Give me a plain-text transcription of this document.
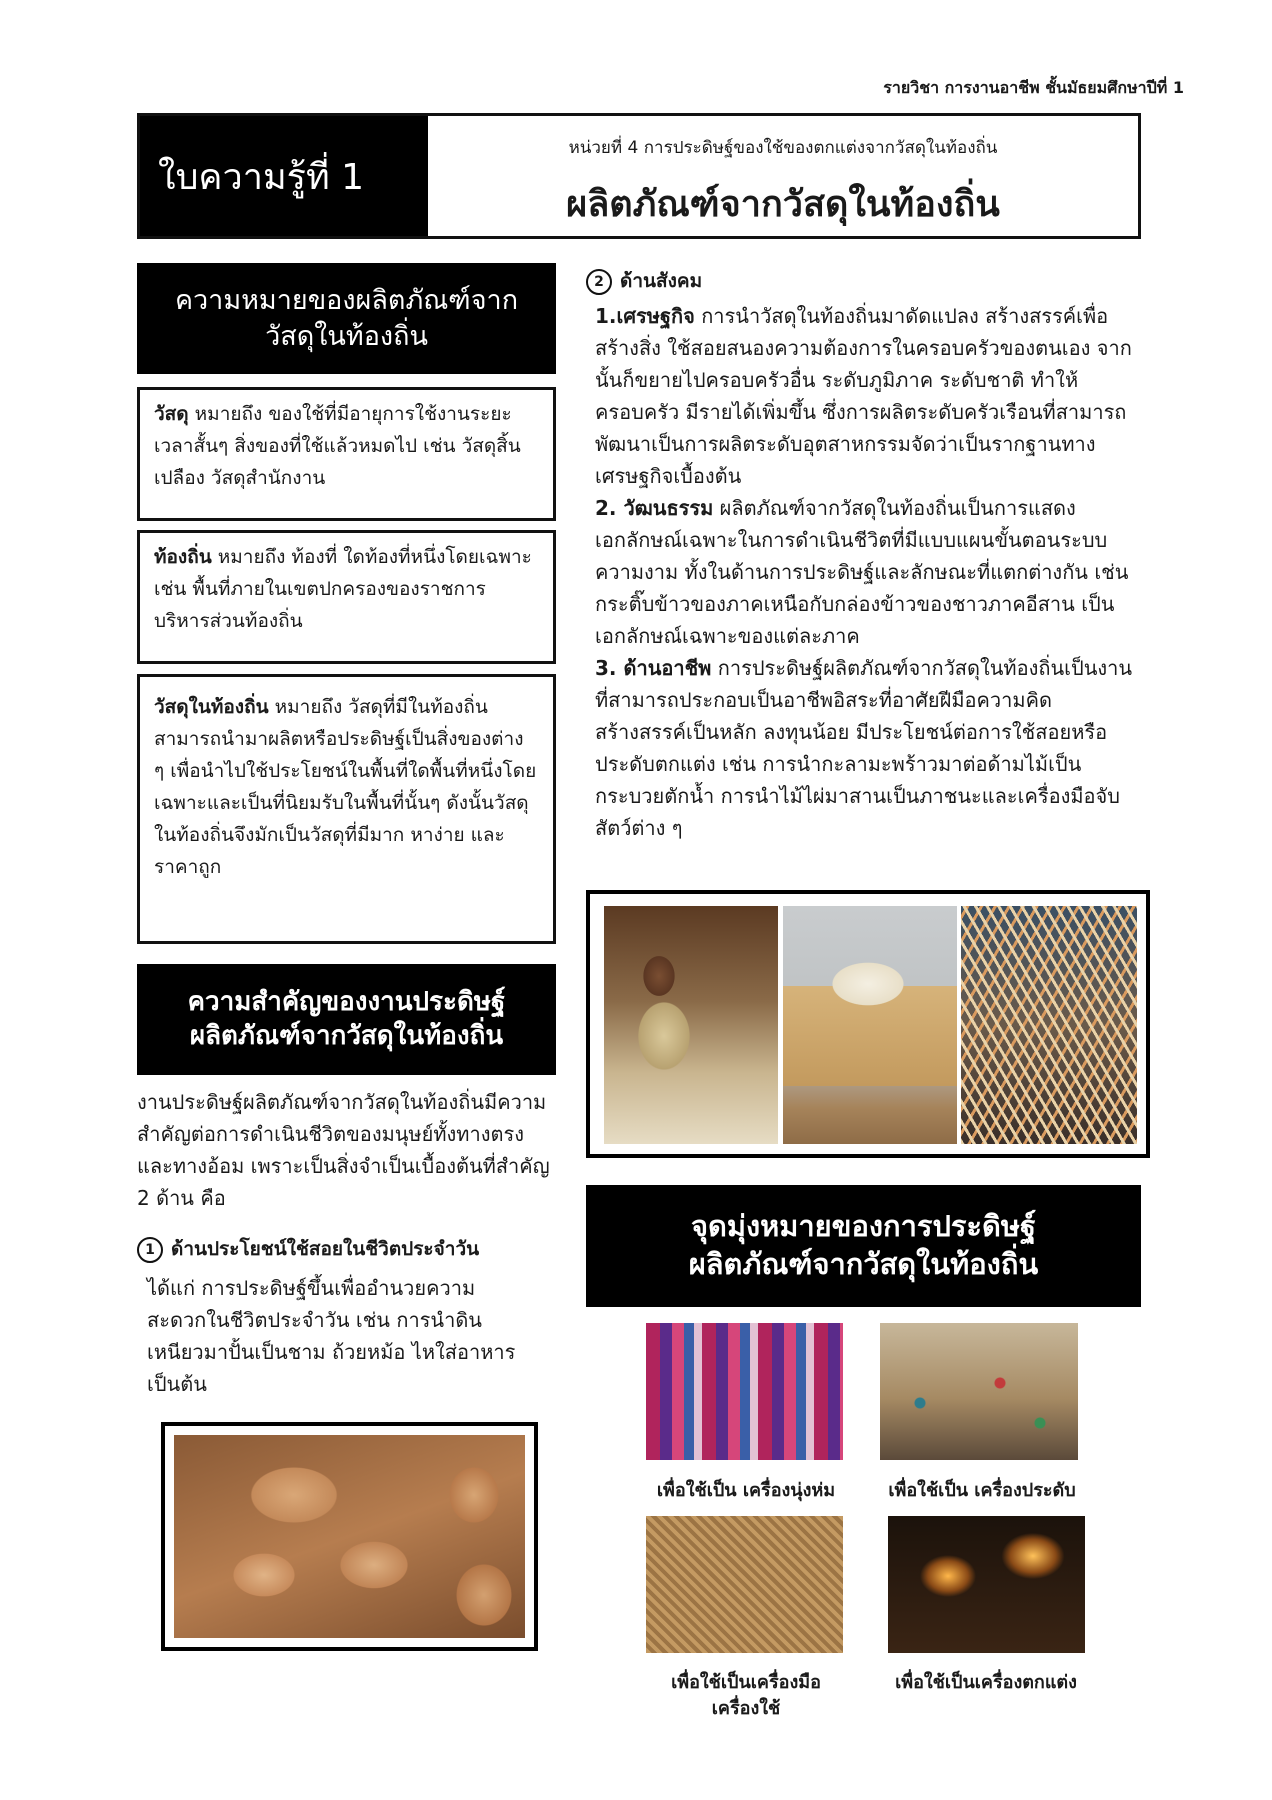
รายวิชา การงานอาชีพ ชั้นมัธยมศึกษาปีที่ 1
ใบความรู้ที่ 1
หน่วยที่ 4 การประดิษฐ์ของใช้ของตกแต่งจากวัสดุในท้องถิ่น
ผลิตภัณฑ์จากวัสดุในท้องถิ่น
ความหมายของผลิตภัณฑ์จาก
วัสดุในท้องถิ่น
วัสดุ หมายถึง ของใช้ที่มีอายุการใช้งานระยะเวลาสั้นๆ สิ่งของที่ใช้แล้วหมดไป เช่น วัสดุสิ้นเปลือง วัสดุสำนักงาน
ท้องถิ่น หมายถึง ท้องที่ ใดท้องที่หนึ่งโดยเฉพาะ เช่น พื้นที่ภายในเขตปกครองของราชการบริหารส่วนท้องถิ่น
วัสดุในท้องถิ่น หมายถึง วัสดุที่มีในท้องถิ่น สามารถนำมาผลิตหรือประดิษฐ์เป็นสิ่งของต่าง ๆ เพื่อนำไปใช้ประโยชน์ในพื้นที่ใดพื้นที่หนึ่งโดยเฉพาะและเป็นที่นิยมรับในพื้นที่นั้นๆ ดังนั้นวัสดุในท้องถิ่นจึงมักเป็นวัสดุที่มีมาก หาง่าย และราคาถูก
ความสำคัญของงานประดิษฐ์
ผลิตภัณฑ์จากวัสดุในท้องถิ่น
งานประดิษฐ์ผลิตภัณฑ์จากวัสดุในท้องถิ่นมีความสำคัญต่อการดำเนินชีวิตของมนุษย์ทั้งทางตรงและทางอ้อม เพราะเป็นสิ่งจำเป็นเบื้องต้นที่สำคัญ 2 ด้าน คือ
1 ด้านประโยชน์ใช้สอยในชีวิตประจำวัน
ได้แก่ การประดิษฐ์ขึ้นเพื่ออำนวยความสะดวกในชีวิตประจำวัน เช่น การนำดินเหนียวมาปั้นเป็นชาม ถ้วยหม้อ ไหใส่อาหาร เป็นต้น
2 ด้านสังคม
1.เศรษฐกิจ การนำวัสดุในท้องถิ่นมาดัดแปลง สร้างสรรค์เพื่อสร้างสิ่ง ใช้สอยสนองความต้องการในครอบครัวของตนเอง จากนั้นก็ขยายไปครอบครัวอื่น ระดับภูมิภาค ระดับชาติ ทำให้ครอบครัว มีรายได้เพิ่มขึ้น ซึ่งการผลิตระดับครัวเรือนที่สามารถพัฒนาเป็นการผลิตระดับอุตสาหกรรมจัดว่าเป็นรากฐานทางเศรษฐกิจเบื้องต้น
2. วัฒนธรรม ผลิตภัณฑ์จากวัสดุในท้องถิ่นเป็นการแสดงเอกลักษณ์เฉพาะในการดำเนินชีวิตที่มีแบบแผนขั้นตอนระบบ ความงาม ทั้งในด้านการประดิษฐ์และลักษณะที่แตกต่างกัน เช่น กระติ๊บข้าวของภาคเหนือกับกล่องข้าวของชาวภาคอีสาน เป็นเอกลักษณ์เฉพาะของแต่ละภาค
3. ด้านอาชีพ การประดิษฐ์ผลิตภัณฑ์จากวัสดุในท้องถิ่นเป็นงานที่สามารถประกอบเป็นอาชีพอิสระที่อาศัยฝีมือความคิดสร้างสรรค์เป็นหลัก ลงทุนน้อย มีประโยชน์ต่อการใช้สอยหรือประดับตกแต่ง เช่น การนำกะลามะพร้าวมาต่อด้ามไม้เป็นกระบวยตักน้ำ การนำไม้ไผ่มาสานเป็นภาชนะและเครื่องมือจับสัตว์ต่าง ๆ
จุดมุ่งหมายของการประดิษฐ์
ผลิตภัณฑ์จากวัสดุในท้องถิ่น
เพื่อใช้เป็น เครื่องนุ่งห่ม	เพื่อใช้เป็น เครื่องประดับ
เพื่อใช้เป็นเครื่องมือ
เครื่องใช้
เพื่อใช้เป็นเครื่องตกแต่ง
